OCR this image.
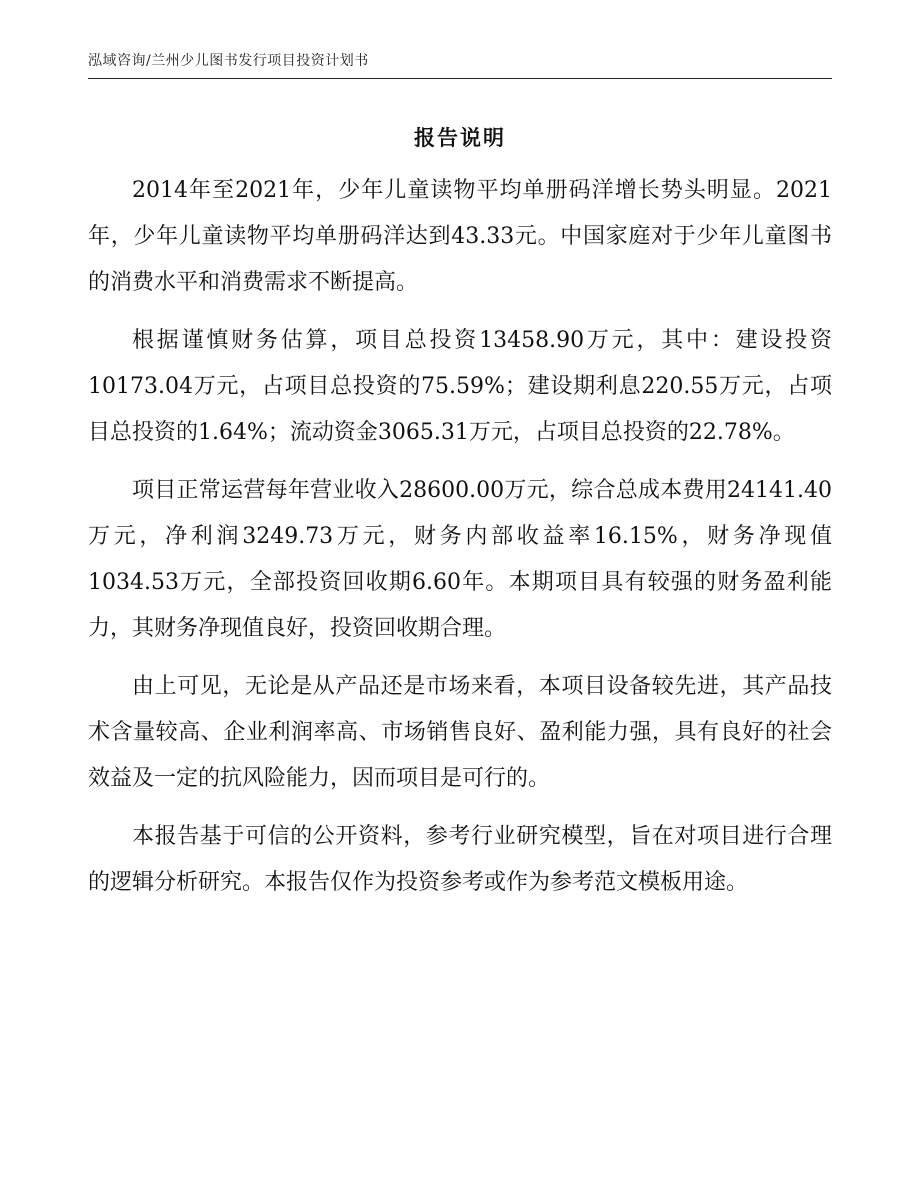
泓域咨询/兰州少儿图书发行项目投资计划书
报告说明

2014年至2021年，少年儿童读物平均单册码洋增长势头明显。2021年，少年儿童读物平均单册码洋达到43.33元。中国家庭对于少年儿童图书的消费水平和消费需求不断提高。

根据谨慎财务估算，项目总投资13458.90万元，其中：建设投资10173.04万元，占项目总投资的75.59%；建设期利息220.55万元，占项目总投资的1.64%；流动资金3065.31万元，占项目总投资的22.78%。

项目正常运营每年营业收入28600.00万元，综合总成本费用24141.40万元，净利润3249.73万元，财务内部收益率16.15%，财务净现值1034.53万元，全部投资回收期6.60年。本期项目具有较强的财务盈利能力，其财务净现值良好，投资回收期合理。

由上可见，无论是从产品还是市场来看，本项目设备较先进，其产品技术含量较高、企业利润率高、市场销售良好、盈利能力强，具有良好的社会效益及一定的抗风险能力，因而项目是可行的。

本报告基于可信的公开资料，参考行业研究模型，旨在对项目进行合理的逻辑分析研究。本报告仅作为投资参考或作为参考范文模板用途。
